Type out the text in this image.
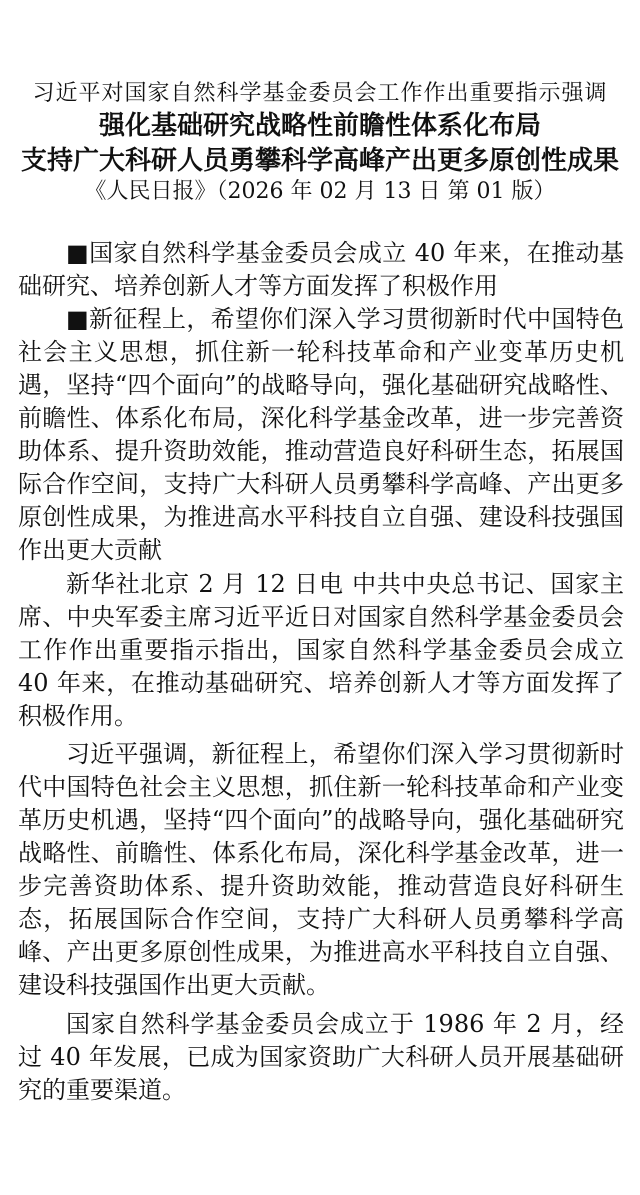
习近平对国家自然科学基金委员会工作作出重要指示强调
强化基础研究战略性前瞻性体系化布局
支持广大科研人员勇攀科学高峰产出更多原创性成果
《人民日报》（2026 年 02 月 13 日 第 01 版）

■国家自然科学基金委员会成立 40 年来，在推动基础研究、培养创新人才等方面发挥了积极作用

■新征程上，希望你们深入学习贯彻新时代中国特色社会主义思想，抓住新一轮科技革命和产业变革历史机遇，坚持“四个面向”的战略导向，强化基础研究战略性、前瞻性、体系化布局，深化科学基金改革，进一步完善资助体系、提升资助效能，推动营造良好科研生态，拓展国际合作空间，支持广大科研人员勇攀科学高峰、产出更多原创性成果，为推进高水平科技自立自强、建设科技强国作出更大贡献

新华社北京 2 月 12 日电 中共中央总书记、国家主席、中央军委主席习近平近日对国家自然科学基金委员会工作作出重要指示指出，国家自然科学基金委员会成立 40 年来，在推动基础研究、培养创新人才等方面发挥了积极作用。

习近平强调，新征程上，希望你们深入学习贯彻新时代中国特色社会主义思想，抓住新一轮科技革命和产业变革历史机遇，坚持“四个面向”的战略导向，强化基础研究战略性、前瞻性、体系化布局，深化科学基金改革，进一步完善资助体系、提升资助效能，推动营造良好科研生态，拓展国际合作空间，支持广大科研人员勇攀科学高峰、产出更多原创性成果，为推进高水平科技自立自强、建设科技强国作出更大贡献。

国家自然科学基金委员会成立于 1986 年 2 月，经过 40 年发展，已成为国家资助广大科研人员开展基础研究的重要渠道。
